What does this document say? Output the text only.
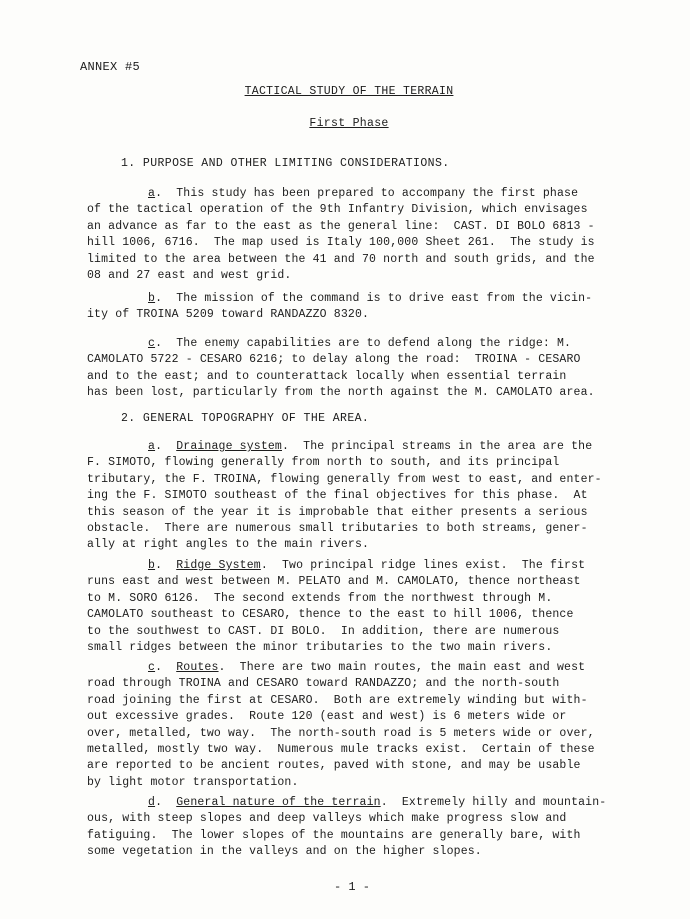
ANNEX #5
TACTICAL STUDY OF THE TERRAIN
First Phase
1. PURPOSE AND OTHER LIMITING CONSIDERATIONS.
a.  This study has been prepared to accompany the first phase
of the tactical operation of the 9th Infantry Division, which envisages
an advance as far to the east as the general line:  CAST. DI BOLO 6813 -
hill 1006, 6716.  The map used is Italy 100,000 Sheet 261.  The study is
limited to the area between the 41 and 70 north and south grids, and the
08 and 27 east and west grid.
b.  The mission of the command is to drive east from the vicin-
ity of TROINA 5209 toward RANDAZZO 8320.
c.  The enemy capabilities are to defend along the ridge: M.
CAMOLATO 5722 - CESARO 6216; to delay along the road:  TROINA - CESARO
and to the east; and to counterattack locally when essential terrain
has been lost, particularly from the north against the M. CAMOLATO area.
2. GENERAL TOPOGRAPHY OF THE AREA.
a.  Drainage system.  The principal streams in the area are the
F. SIMOTO, flowing generally from north to south, and its principal
tributary, the F. TROINA, flowing generally from west to east, and enter-
ing the F. SIMOTO southeast of the final objectives for this phase.  At
this season of the year it is improbable that either presents a serious
obstacle.  There are numerous small tributaries to both streams, gener-
ally at right angles to the main rivers.
b.  Ridge System.  Two principal ridge lines exist.  The first
runs east and west between M. PELATO and M. CAMOLATO, thence northeast
to M. SORO 6126.  The second extends from the northwest through M.
CAMOLATO southeast to CESARO, thence to the east to hill 1006, thence
to the southwest to CAST. DI BOLO.  In addition, there are numerous
small ridges between the minor tributaries to the two main rivers.
c.  Routes.  There are two main routes, the main east and west
road through TROINA and CESARO toward RANDAZZO; and the north-south
road joining the first at CESARO.  Both are extremely winding but with-
out excessive grades.  Route 120 (east and west) is 6 meters wide or
over, metalled, two way.  The north-south road is 5 meters wide or over,
metalled, mostly two way.  Numerous mule tracks exist.  Certain of these
are reported to be ancient routes, paved with stone, and may be usable
by light motor transportation.
d.  General nature of the terrain.  Extremely hilly and mountain-
ous, with steep slopes and deep valleys which make progress slow and
fatiguing.  The lower slopes of the mountains are generally bare, with
some vegetation in the valleys and on the higher slopes.
- 1 -
